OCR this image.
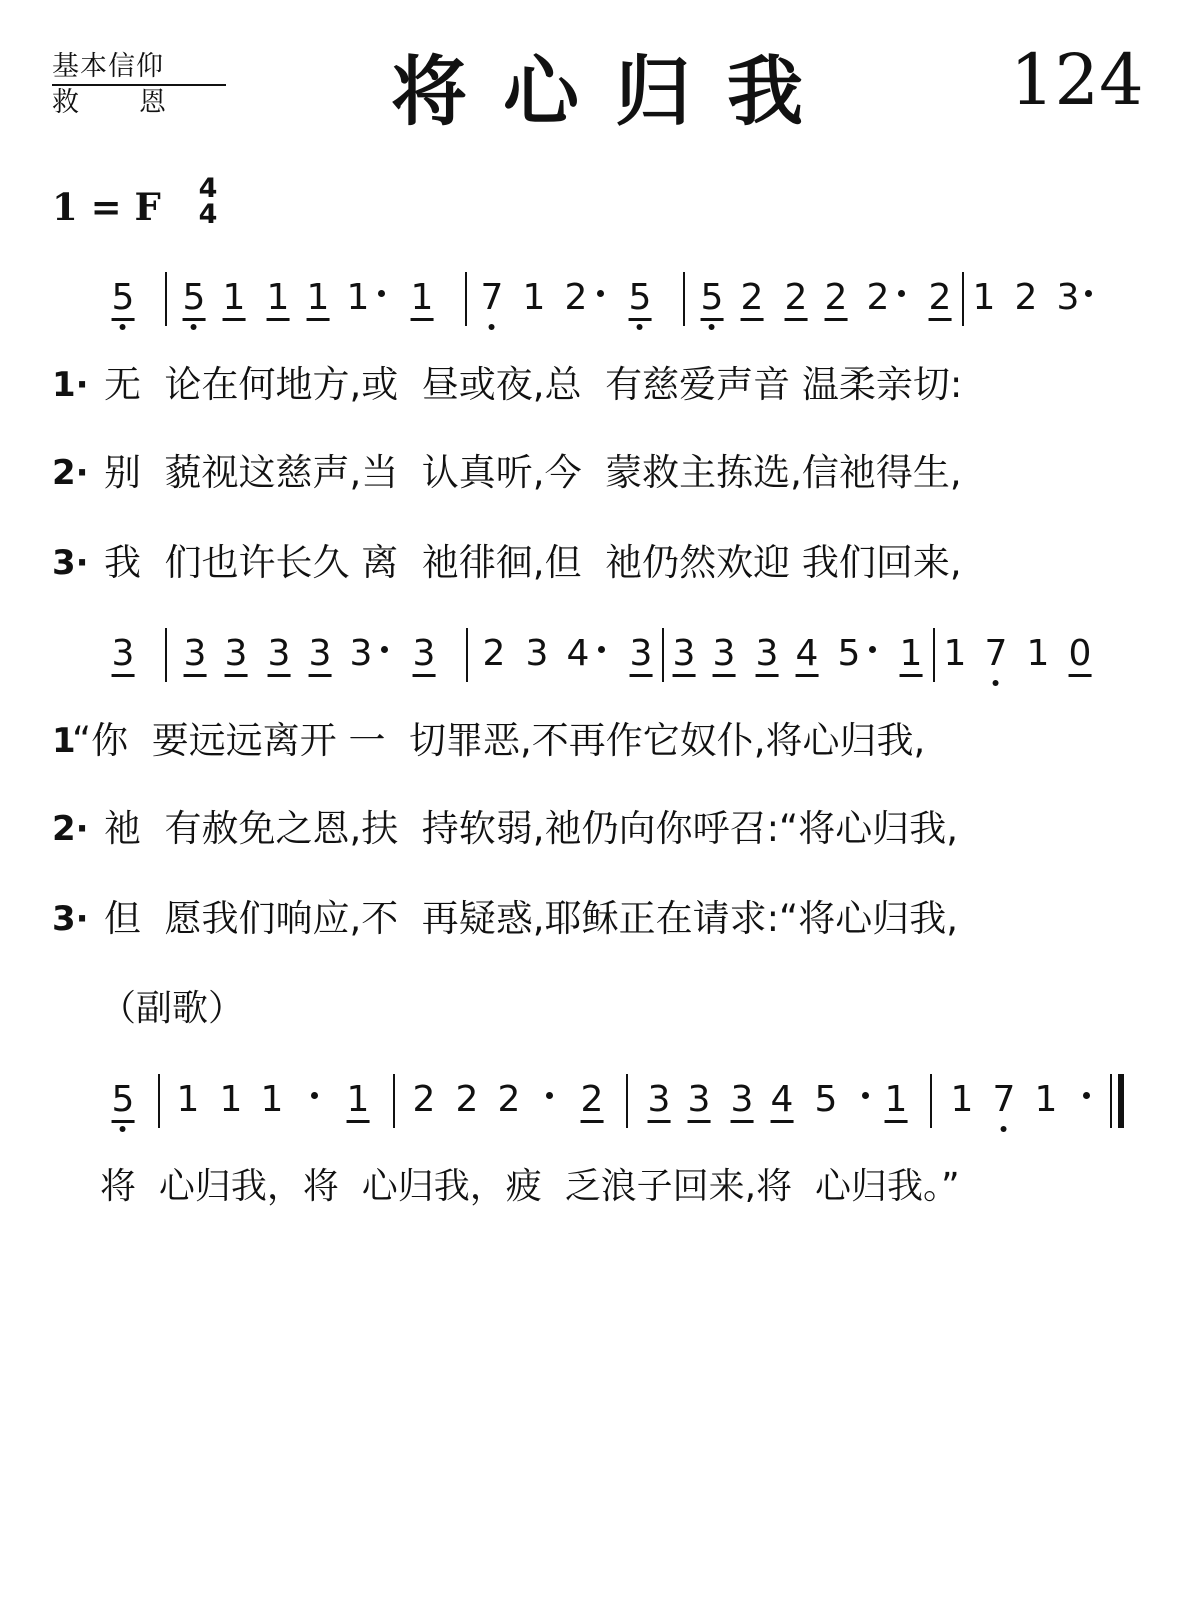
基本信仰
救恩	将心归我	124
1 = F 4
4
5 5 1 1 1 1 1 7 1 2 5 5 2 2 2 2 2 1 2 3
1· 无  论在何地方,或  昼或夜,总  有慈爱声音 温柔亲切:
2· 别  藐视这慈声,当  认真听,今  蒙救主拣选,信祂得生,
3· 我  们也许长久 离  祂徘徊,但  祂仍然欢迎 我们回来,
3 3 3 3 3 3 3 2 3 4 3 3 3 3 4 5 1 1 7 1 0
1
“你  要远远离开 一  切罪恶,不再作它奴仆,将心归我,
2· 祂  有赦免之恩,扶  持软弱,祂仍向你呼召:“将心归我,
3· 但  愿我们响应,不  再疑惑,耶稣正在请求:“将心归我,
（副歌）
5 1 1 1 1 2 2 2 2 3 3 3 4 5 1 1 7 1
将  心归我，将  心归我，疲  乏浪子回来,将  心归我。”
